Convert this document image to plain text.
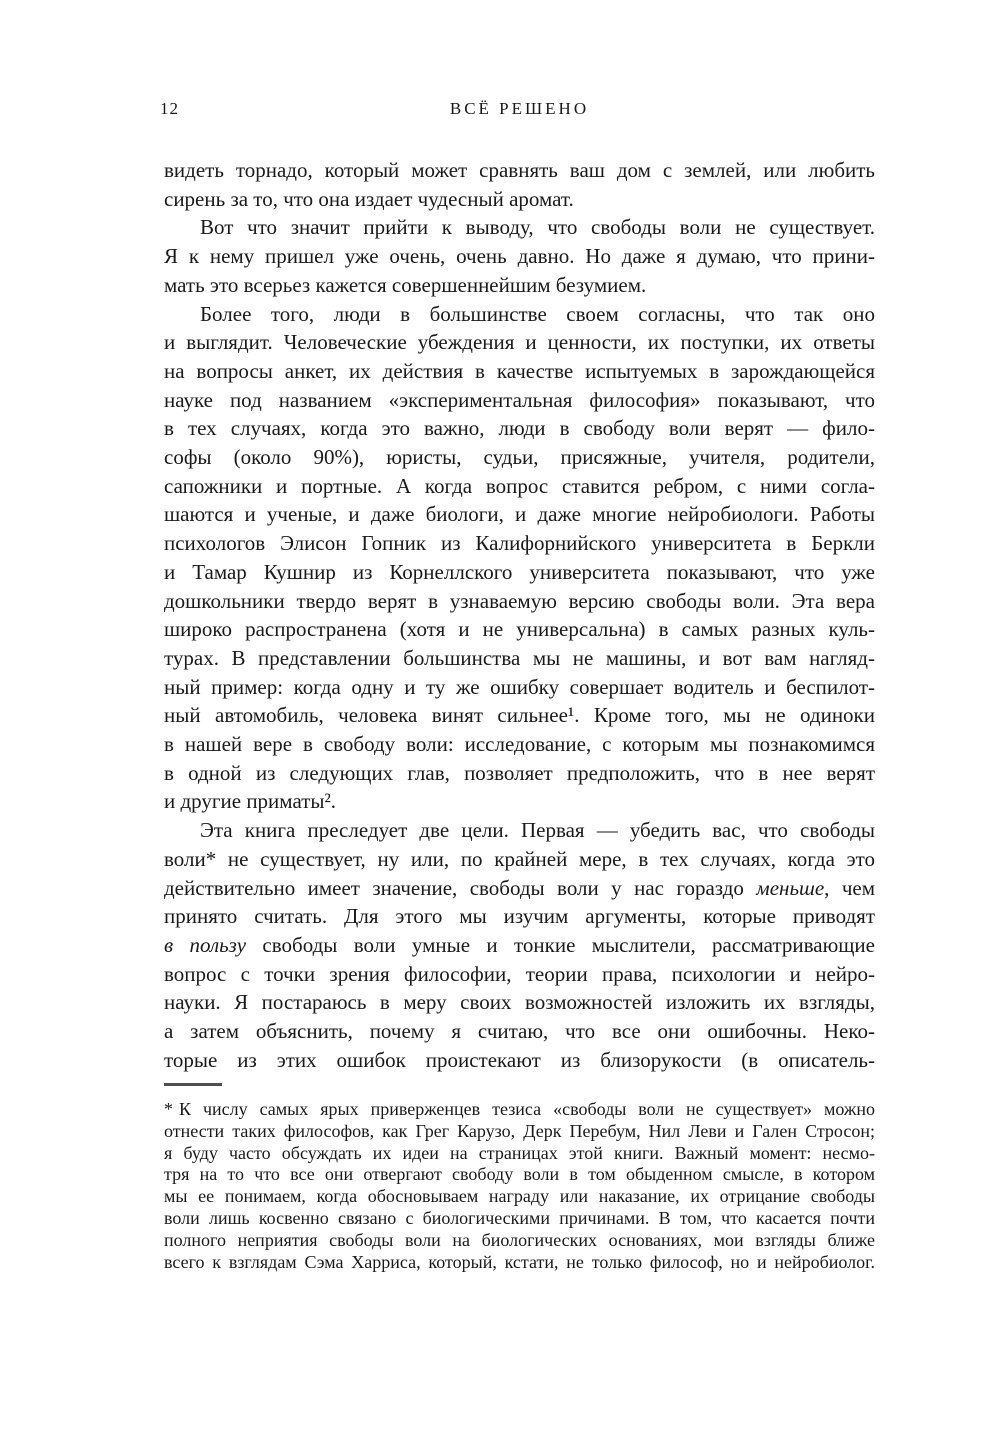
12	ВСЁ РЕШЕНО
видеть торнадо, который может сравнять ваш дом с землей, или любить
сирень за то, что она издает чудесный аромат.
Вот что значит прийти к выводу, что свободы воли не существует.
Я к нему пришел уже очень, очень давно. Но даже я думаю, что прини-
мать это всерьез кажется совершеннейшим безумием.
Более того, люди в большинстве своем согласны, что так оно
и выглядит. Человеческие убеждения и ценности, их поступки, их ответы
на вопросы анкет, их действия в качестве испытуемых в зарождающейся
науке под названием «экспериментальная философия» показывают, что
в тех случаях, когда это важно, люди в свободу воли верят — фило-
софы (около 90%), юристы, судьи, присяжные, учителя, родители,
сапожники и портные. А когда вопрос ставится ребром, с ними согла-
шаются и ученые, и даже биологи, и даже многие нейробиологи. Работы
психологов Элисон Гопник из Калифорнийского университета в Беркли
и Тамар Кушнир из Корнеллского университета показывают, что уже
дошкольники твердо верят в узнаваемую версию свободы воли. Эта вера
широко распространена (хотя и не универсальна) в самых разных куль-
турах. В представлении большинства мы не машины, и вот вам нагляд-
ный пример: когда одну и ту же ошибку совершает водитель и беспилот-
ный автомобиль, человека винят сильнее¹. Кроме того, мы не одиноки
в нашей вере в свободу воли: исследование, с которым мы познакомимся
в одной из следующих глав, позволяет предположить, что в нее верят
и другие приматы².
Эта книга преследует две цели. Первая — убедить вас, что свободы
воли* не существует, ну или, по крайней мере, в тех случаях, когда это
действительно имеет значение, свободы воли у нас гораздо меньше, чем
принято считать. Для этого мы изучим аргументы, которые приводят
в пользу свободы воли умные и тонкие мыслители, рассматривающие
вопрос с точки зрения философии, теории права, психологии и нейро-
науки. Я постараюсь в меру своих возможностей изложить их взгляды,
а затем объяснить, почему я считаю, что все они ошибочны. Неко-
торые из этих ошибок проистекают из близорукости (в описатель-
* К числу самых ярых приверженцев тезиса «свободы воли не существует» можно
отнести таких философов, как Грег Карузо, Дерк Перебум, Нил Леви и Гален Стросон;
я буду часто обсуждать их идеи на страницах этой книги. Важный момент: несмо-
тря на то что все они отвергают свободу воли в том обыденном смысле, в котором
мы ее понимаем, когда обосновываем награду или наказание, их отрицание свободы
воли лишь косвенно связано с биологическими причинами. В том, что касается почти
полного неприятия свободы воли на биологических основаниях, мои взгляды ближе
всего к взглядам Сэма Харриса, который, кстати, не только философ, но и нейробиолог.
